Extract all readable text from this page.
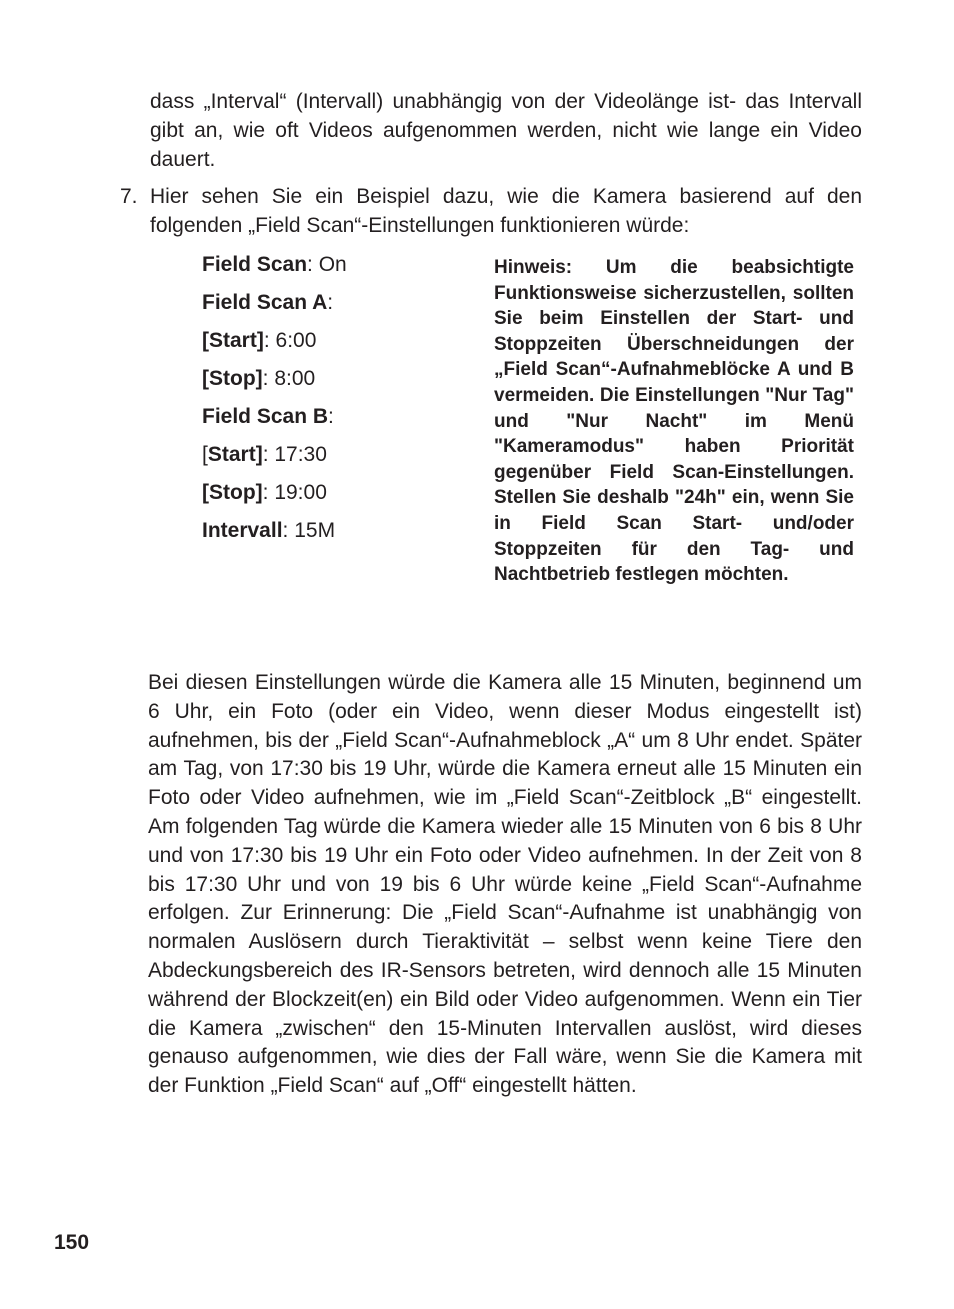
dass „Interval“ (Intervall) unabhängig von der Videolänge ist- das Intervall gibt an, wie oft Videos aufgenommen werden, nicht wie lange ein Video dauert.

7. Hier sehen Sie ein Beispiel dazu, wie die Kamera basierend auf den folgenden „Field Scan“-Einstellungen funktionieren würde:

Field Scan: On
Field Scan A:
[Start]: 6:00
[Stop]: 8:00
Field Scan B:
[Start]: 17:30
[Stop]: 19:00
Intervall: 15M

Hinweis: Um die beabsichtigte Funktionsweise sicherzustellen, sollten Sie beim Einstellen der Start- und Stoppzeiten Überschneidungen der „Field Scan“-Aufnahmeblöcke A und B vermeiden. Die Einstellungen "Nur Tag" und "Nur Nacht" im Menü "Kameramodus" haben Priorität gegenüber Field Scan-Einstellungen. Stellen Sie deshalb "24h" ein, wenn Sie in Field Scan Start- und/oder Stoppzeiten für den Tag- und Nachtbetrieb festlegen möchten.

Bei diesen Einstellungen würde die Kamera alle 15 Minuten, beginnend um 6 Uhr, ein Foto (oder ein Video, wenn dieser Modus eingestellt ist) aufnehmen, bis der „Field Scan“-Aufnahmeblock „A“ um 8 Uhr endet. Später am Tag, von 17:30 bis 19 Uhr, würde die Kamera erneut alle 15 Minuten ein Foto oder Video aufnehmen, wie im „Field Scan“-Zeitblock „B“ eingestellt. Am folgenden Tag würde die Kamera wieder alle 15 Minuten von 6 bis 8 Uhr und von 17:30 bis 19 Uhr ein Foto oder Video aufnehmen. In der Zeit von 8 bis 17:30 Uhr und von 19 bis 6 Uhr würde keine „Field Scan“-Aufnahme erfolgen. Zur Erinnerung: Die „Field Scan“-Aufnahme ist unabhängig von normalen Auslösern durch Tieraktivität – selbst wenn keine Tiere den Abdeckungsbereich des IR-Sensors betreten, wird dennoch alle 15 Minuten während der Blockzeit(en) ein Bild oder Video aufgenommen. Wenn ein Tier die Kamera „zwischen“ den 15-Minuten Intervallen auslöst, wird dieses genauso aufgenommen, wie dies der Fall wäre, wenn Sie die Kamera mit der Funktion „Field Scan“ auf „Off“ eingestellt hätten.

150
